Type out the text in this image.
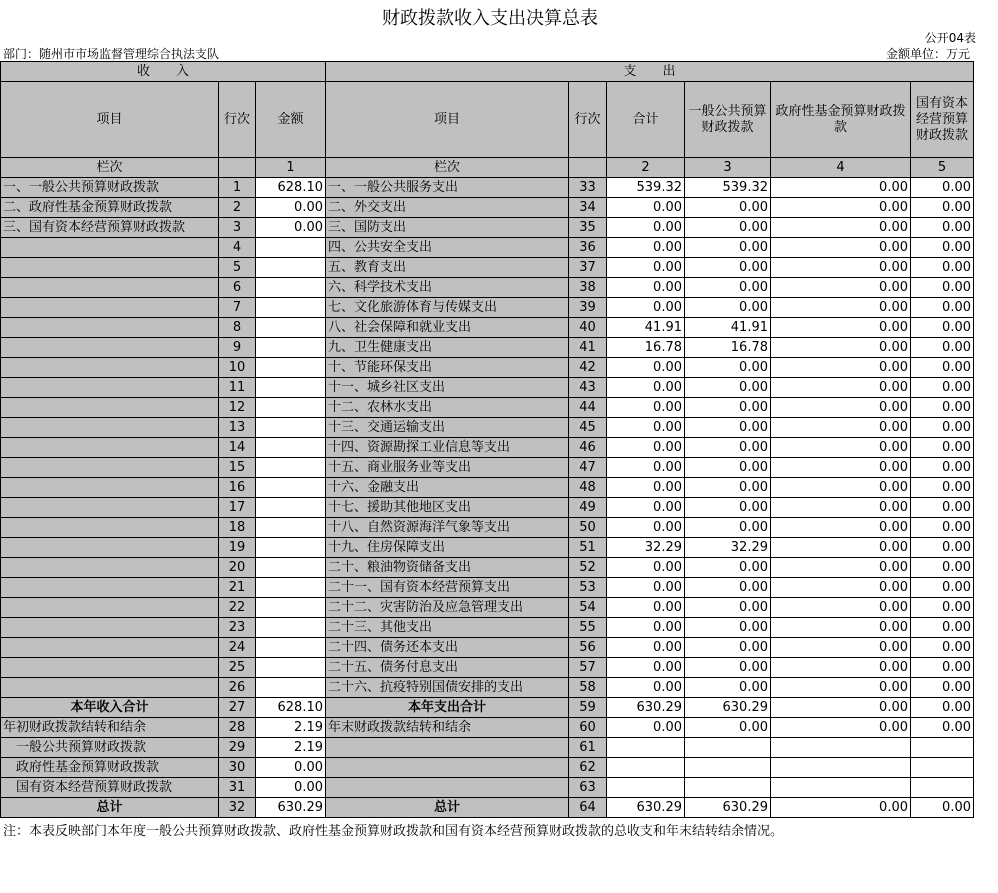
财政拨款收入支出决算总表
公开04表
部门：随州市市场监督管理综合执法支队	金额单位：万元
收　　入			支　　出					
项目	行次	金额	项目	行次	合计	一般公共预算财政拨款	政府性基金预算财政拨款	国有资本经营预算财政拨款
栏次		1	栏次		2	3	4	5
一、一般公共预算财政拨款	1	628.10	一、一般公共服务支出	33	539.32	539.32	0.00	0.00
二、政府性基金预算财政拨款	2	0.00	二、外交支出	34	0.00	0.00	0.00	0.00
三、国有资本经营预算财政拨款	3	0.00	三、国防支出	35	0.00	0.00	0.00	0.00
	4		四、公共安全支出	36	0.00	0.00	0.00	0.00
	5		五、教育支出	37	0.00	0.00	0.00	0.00
	6		六、科学技术支出	38	0.00	0.00	0.00	0.00
	7		七、文化旅游体育与传媒支出	39	0.00	0.00	0.00	0.00
	8		八、社会保障和就业支出	40	41.91	41.91	0.00	0.00
	9		九、卫生健康支出	41	16.78	16.78	0.00	0.00
	10		十、节能环保支出	42	0.00	0.00	0.00	0.00
	11		十一、城乡社区支出	43	0.00	0.00	0.00	0.00
	12		十二、农林水支出	44	0.00	0.00	0.00	0.00
	13		十三、交通运输支出	45	0.00	0.00	0.00	0.00
	14		十四、资源勘探工业信息等支出	46	0.00	0.00	0.00	0.00
	15		十五、商业服务业等支出	47	0.00	0.00	0.00	0.00
	16		十六、金融支出	48	0.00	0.00	0.00	0.00
	17		十七、援助其他地区支出	49	0.00	0.00	0.00	0.00
	18		十八、自然资源海洋气象等支出	50	0.00	0.00	0.00	0.00
	19		十九、住房保障支出	51	32.29	32.29	0.00	0.00
	20		二十、粮油物资储备支出	52	0.00	0.00	0.00	0.00
	21		二十一、国有资本经营预算支出	53	0.00	0.00	0.00	0.00
	22		二十二、灾害防治及应急管理支出	54	0.00	0.00	0.00	0.00
	23		二十三、其他支出	55	0.00	0.00	0.00	0.00
	24		二十四、债务还本支出	56	0.00	0.00	0.00	0.00
	25		二十五、债务付息支出	57	0.00	0.00	0.00	0.00
	26		二十六、抗疫特别国债安排的支出	58	0.00	0.00	0.00	0.00
本年收入合计	27	628.10	本年支出合计	59	630.29	630.29	0.00	0.00
年初财政拨款结转和结余	28	2.19	年末财政拨款结转和结余	60	0.00	0.00	0.00	0.00
　一般公共预算财政拨款	29	2.19		61				
　政府性基金预算财政拨款	30	0.00		62				
　国有资本经营预算财政拨款	31	0.00		63				
总计	32	630.29	总计	64	630.29	630.29	0.00	0.00
注：本表反映部门本年度一般公共预算财政拨款、政府性基金预算财政拨款和国有资本经营预算财政拨款的总收支和年末结转结余情况。
